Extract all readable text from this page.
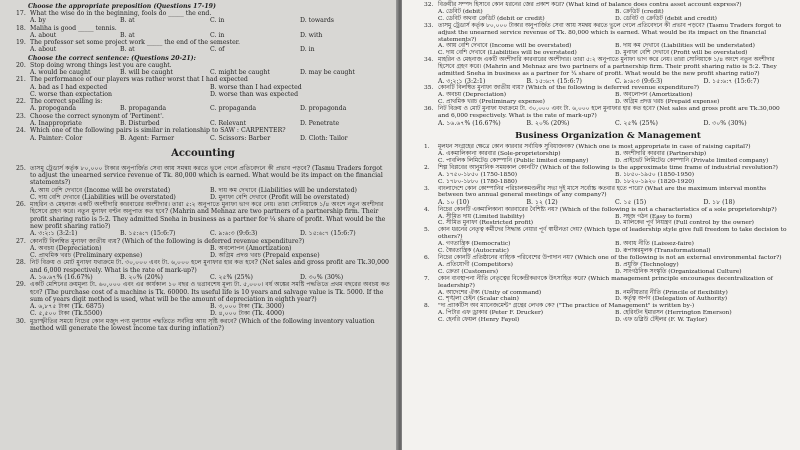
Choose the appropriate preposition (Questions 17-19)
17. What the wise do in the beginning, fools do _____ the end.
A. by	B. at	C. in	D. towards
18. Maliha is good _____ tennis.
A. about	B. at	C. in	D. with
19. The professor set some project work _____ the end of the semester.
A. about	B. at	C. of	D. in
Choose the correct sentence: (Questions 20-21):
20. Stop doing wrong things lest you are caught.
A. would be caught	B. will be caught	C. might be caught	D. may be caught
21. The performance of our players was rather worst that I had expected
A. bad as I had expected	B. worse than I had expected
C. worse than expectation	D. worse than was expected
22. The correct spelling is:
A. propoganda	B. propaganda	C. propaganda	D. propagonda
23. Choose the correct synonym of 'Pertinent'.
A. Inappropriate	B. Disturbed	C. Relevant	D. Penetrate
24. Which one of the following pairs is similar in relationship to SAW : CARPENTER?
A. Painter: Color	B. Agent: Farmer	C. Scissors: Barber	D. Cloth: Tailor
Accounting
25. তাসমু ট্রেডার্স কর্তৃক ৮০,০০০ টাকার অনুপার্জিত সেবা আয় সমন্বয় করতে ভুলে গেলে প্রতিবেদনে কী প্রভাব পড়বে? (Tasmu Traders forgot to adjust the unearned service revenue of Tk. 80,000 which is earned. What would be its impact on the financial statements?)
A. আয় বেশি দেখাবে (Income will be overstated)	B. দায় কম দেখাবে (Liabilities will be understated)
C. দায় বেশি দেখাবে (Liabilities will be overstated)	D. মুনাফা বেশি দেখাবে (Profit will be overstated)
26. মাহরিন ও মেহনাজ একটি অংশীদারি কারবারের অংশীদার। তারা ৫:২ অনুপাতে মুনাফা ভাগ করে নেয়। তারা সোনিয়াকে ১/৪ অংশে নতুন অংশীদার হিসেবে গ্রহণ করে। নতুন মুনাফা বণ্টন অনুপাত কত হবে? (Mahrin and Mehnaz are two partners of a partnership firm. Their profit sharing ratio is 5:2. They admitted Sneha in business as a partner for ¼ share of profit. What would be the new profit sharing ratio?)
A. ৩:২:১ (3:2:1)	B. ১৫:৬:৭ (15:6:7)	C. ৯:৬:৩ (9:6:3)	D. ১৫:৬:৭ (15:6:7)
27. কোনটি বিলম্বিত মুনাফা জাতীয় ব্যয়? (Which of the following is deferred revenue expenditure?)
A. অবচয় (Depreciation)	B. অবলোপন (Amortization)
C. প্রাথমিক খরচ (Preliminary expense)	D. অগ্রিম প্রদত্ত খরচ (Prepaid expense)
28. নিট বিক্রয় ও মোট মুনাফা যথাক্রমে টা. ৩০,০০০ এবং টা. ৬,০০০ হলে মুনাফার হার কত হবে? (Net sales and gross profit are Tk.30,000 and 6,000 respectively. What is the rate of mark-up?)
A. ১৬.৬৭% (16.67%)	B. ২০% (20%)	C. ২৫% (25%)	D. ৩০% (30%)
29. একটি মেশিনের ক্রয়মূল্য টা. ৬০,০০০ এবং এর কার্যকাল ১০ বছর ও ভগ্নাবশেষ মূল্য টা. ৫,০০০। বর্ষ অঙ্কের সমষ্টি পদ্ধতিতে প্রথম বছরের অবচয় কত হবে? (The purchase cost of a machine is Tk. 60000. Its useful life is 10 years and salvage value is Tk. 5000. If the sum of years digit method is used, what will be the amount of depreciation in eighth year?)
A. ৬,৮৭৫ টাকা (Tk. 6875)	B. ৩,০০০ টাকা (Tk. 3000)
C. ৫,৫০০ টাকা (Tk.5500)	D. ৪,০০০ টাকা (Tk. 4000)
30. মুদ্রাস্ফীতির সময়ে নিচের কোন মজুদ পণ্য মূল্যায়ন পদ্ধতিতে সর্বনিম্ন আয় সৃষ্টি করবে? (Which of the following inventory valuation method will generate the lowest income tax during inflation?)
32. বিক্রয়ীর সম্পদ হিসাবে কোন ধরনের জের প্রকাশ করে? (What kind of balance does contra asset account express?)
A. ডেবিট (debit)	B. ক্রেডিট (credit)
C. ডেবিট অথবা ক্রেডিট (debit or credit)	D. ডেবিট ও ক্রেডিট (debit and credit)
33. তাসমু ট্রেডার্স কর্তৃক ৮০,০০০ টাকার অনুপার্জিত সেবা আয় সমন্বয় করতে ভুলে গেলে প্রতিবেদনে কী প্রভাব পড়বে? (Tasmu Traders forgot to adjust the unearned service revenue of Tk. 80,000 which is earned. What would be its impact on the financial statements?)
A. আয় বেশি দেখাবে (Income will be overstated)	B. দায় কম দেখাবে (Liabilities will be understated)
C. দায় বেশি দেখাবে (Liabilities will be overstated)	D. মুনাফা বেশি দেখাবে (Profit will be overstated)
34. মাহরিন ও মেহনাজ একটি অংশীদারি কারবারের অংশীদার। তারা ৫:২ অনুপাতে মুনাফা ভাগ করে নেয়। তারা সোনিয়াকে ১/৪ অংশে নতুন অংশীদার হিসেবে গ্রহণ করে। (Mahrin and Mehnaz are two partners of a partnership firm. Their profit sharing ratio is 5:2. They admitted Sneha in business as a partner for ¼ share of profit. What would be the new profit sharing ratio?)
A. ৩:২:১ (3:2:1)	B. ১৫:৬:৭ (15:6:7)	C. ৯:৬:৩ (9:6:3)	D. ১৫:৬:৭ (15:6:7)
35. কোনটি বিলম্বিত মুনাফা জাতীয় ব্যয়? (Which of the following is deferred revenue expenditure?)
A. অবচয় (Depreciation)	B. অবলোপন (Amortization)
C. প্রাথমিক খরচ (Preliminary expense)	D. অগ্রিম প্রদত্ত খরচ (Prepaid expense)
36. নিট বিক্রয় ও মোট মুনাফা যথাক্রমে টা. ৩০,০০০ এবং টা. ৬,০০০ হলে মুনাফার হার কত হবে? (Net sales and gross profit are Tk.30,000 and 6,000 respectively. What is the rate of mark-up?)
A. ১৬.৬৭% (16.67%)	B. ২০% (20%)	C. ২৫% (25%)	D. ৩০% (30%)
Business Organization & Management
1.	মূলধন সংগ্রহের ক্ষেত্রে কোন কারবার সর্বাধিক সুবিধাজনক? (Which one is most appropriate in case of raising capital?)
A. একমালিকানা কারবার (Sole-proprietorship)	B. অংশীদারি কারবার (Partnership)
C. পাবলিক লিমিটেড কোম্পানি (Public limited company)	D. প্রাইভেট লিমিটেড কোম্পানি (Private limited company)
2.	শিল্প বিপ্লবের আনুমানিক সময়কাল কোনটি? (Which of the following is the approximate time frame of industrial revolution?)
A. ১৭৫০-১৮৫০ (1750-1850)	B. ১৮৫০-১৯৫০ (1850-1950)
C. ১৭৮০-১৮৮০ (1780-1880)	D. ১৮২০-১৯২০ (1820-1920)
3.	বাংলাদেশে কোন কোম্পানির পরিচালকমণ্ডলীর সভা দুই মাসে সর্বোচ্চ কতবার হতে পারে? (What are the maximum interval months between two annual general meetings of any company?)
A. ১০ (10)	B. ১২ (12)	C. ১৫ (15)	D. ১৮ (18)
4.	নিচের কোনটি একমালিকানা কারবারের বৈশিষ্ট্য নয়? (Which of the following is not a characteristics of a sole proprietorship?)
A. সীমিত দায় (Limited liability)	B. সহজ গঠন (Easy to form)
C. সীমিত মুনাফা (Restricted profit)	D. মালিকের পূর্ণ নিয়ন্ত্রণ (Full control by the owner)
5.	কোন ধরনের নেতৃত্ব কর্মীদের সিদ্ধান্ত নেয়ার পূর্ণ স্বাধীনতা দেয়? (Which type of leadership style give full freedom to take decision to others?)
A. গণতান্ত্রিক (Democratic)	B. অবাধ নীতি (Laissez-faire)
C. স্বৈরতান্ত্রিক (Autocratic)	D. রূপান্তরমূলক (Transformational)
6.	নিচের কোনটি প্রতিষ্ঠানের বাহ্যিক পরিবেশের উপাদান নয়? (Which one of the following is not an external environmental factor?)
A. প্রতিযোগী (Competitors)	B. প্রযুক্তি (Technology)
C. ক্রেতা (Customers)	D. সাংগঠনিক সংস্কৃতি (Organizational Culture)
7.	কোন ব্যবস্থাপনা নীতি নেতৃত্বের বিকেন্দ্রীকরণকে উৎসাহিত করে? (Which management principle encourages decentralization of leadership?)
A. আদেশের ঐক্য (Unity of command)	B. নমনীয়তার নীতি (Princile of flexibility)
C. শৃঙ্খলা চেইন (Scalar chain)	D. কর্তৃত্ব অর্পণ (Delegation of Authority)
8.	"দ্য প্র্যাকটিস অব ম্যানেজমেন্ট" গ্রন্থের লেখক কে? ("The practice of Management" is written by-)
A. পিটার এফ ড্রাকার (Peter F. Drucker)	B. হেরিংটন ইমারসন (Herrington Emerson)
C. হেনরি ফেয়ল (Henry Fayol)	D. এফ ডব্লিউ টেইলর (F. W. Taylor)
